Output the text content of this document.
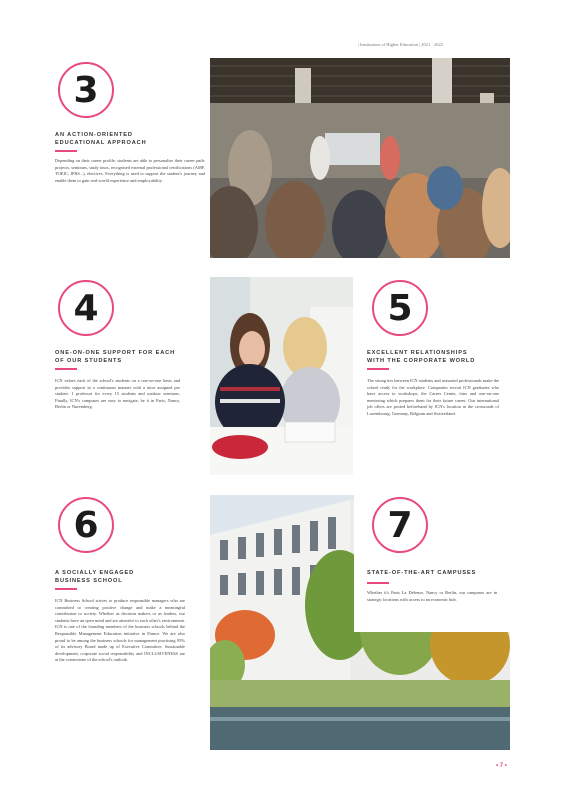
| Institutions of Higher Education | 2021 · 2022
3
AN ACTION-ORIENTED
EDUCATIONAL APPROACH
Depending on their career profile, students are able to personalise their career path: projects, seminars, study tours, recognised external professional certifications (AMF, TOEIC, IFRS...), electives. Everything is used to support the student's journey and enable them to gain real-world experience and employability.
4
ONE-ON-ONE SUPPORT FOR EACH
OF OUR STUDENTS
ICN values each of the school's students on a one-on-one basis and provides support in a continuous manner with a tutor assigned per student: 1 professor for every 15 students and outdoor seminars. Finally, ICN's campuses are easy to navigate, be it in Paris, Nancy, Berlin or Nuremberg.
5
EXCELLENT RELATIONSHIPS
WITH THE CORPORATE WORLD
The strong ties between ICN students and seasoned professionals make the school ready for the workplace. Companies recruit ICN graduates who have access to workshops, the Career Center, fairs and one-on-one mentoring which prepares them for their future career. Our international job offers are posted beforehand by ICN's location at the crossroads of Luxembourg, Germany, Belgium and Switzerland.
6
A SOCIALLY ENGAGED
BUSINESS SCHOOL
ICN Business School strives to produce responsible managers who are committed to creating positive change and make a meaningful contribution to society. Whether as decision makers or as leaders, our students have an open mind and are attentive to each other's environment. ICN is one of the founding members of the business schools behind the Responsible Management Education initiative in France. We are also proud to be among the business schools for management practising 95% of its advisory Board made up of Executive Committee. Sustainable development, corporate social responsibility and INCLUSIVENESS are at the cornerstone of the school's outlook.
7
STATE-OF-THE-ART CAMPUSES
Whether it's Paris La Défense, Nancy or Berlin, our campuses are in strategic locations with access to an economic hub.
• 7 •
